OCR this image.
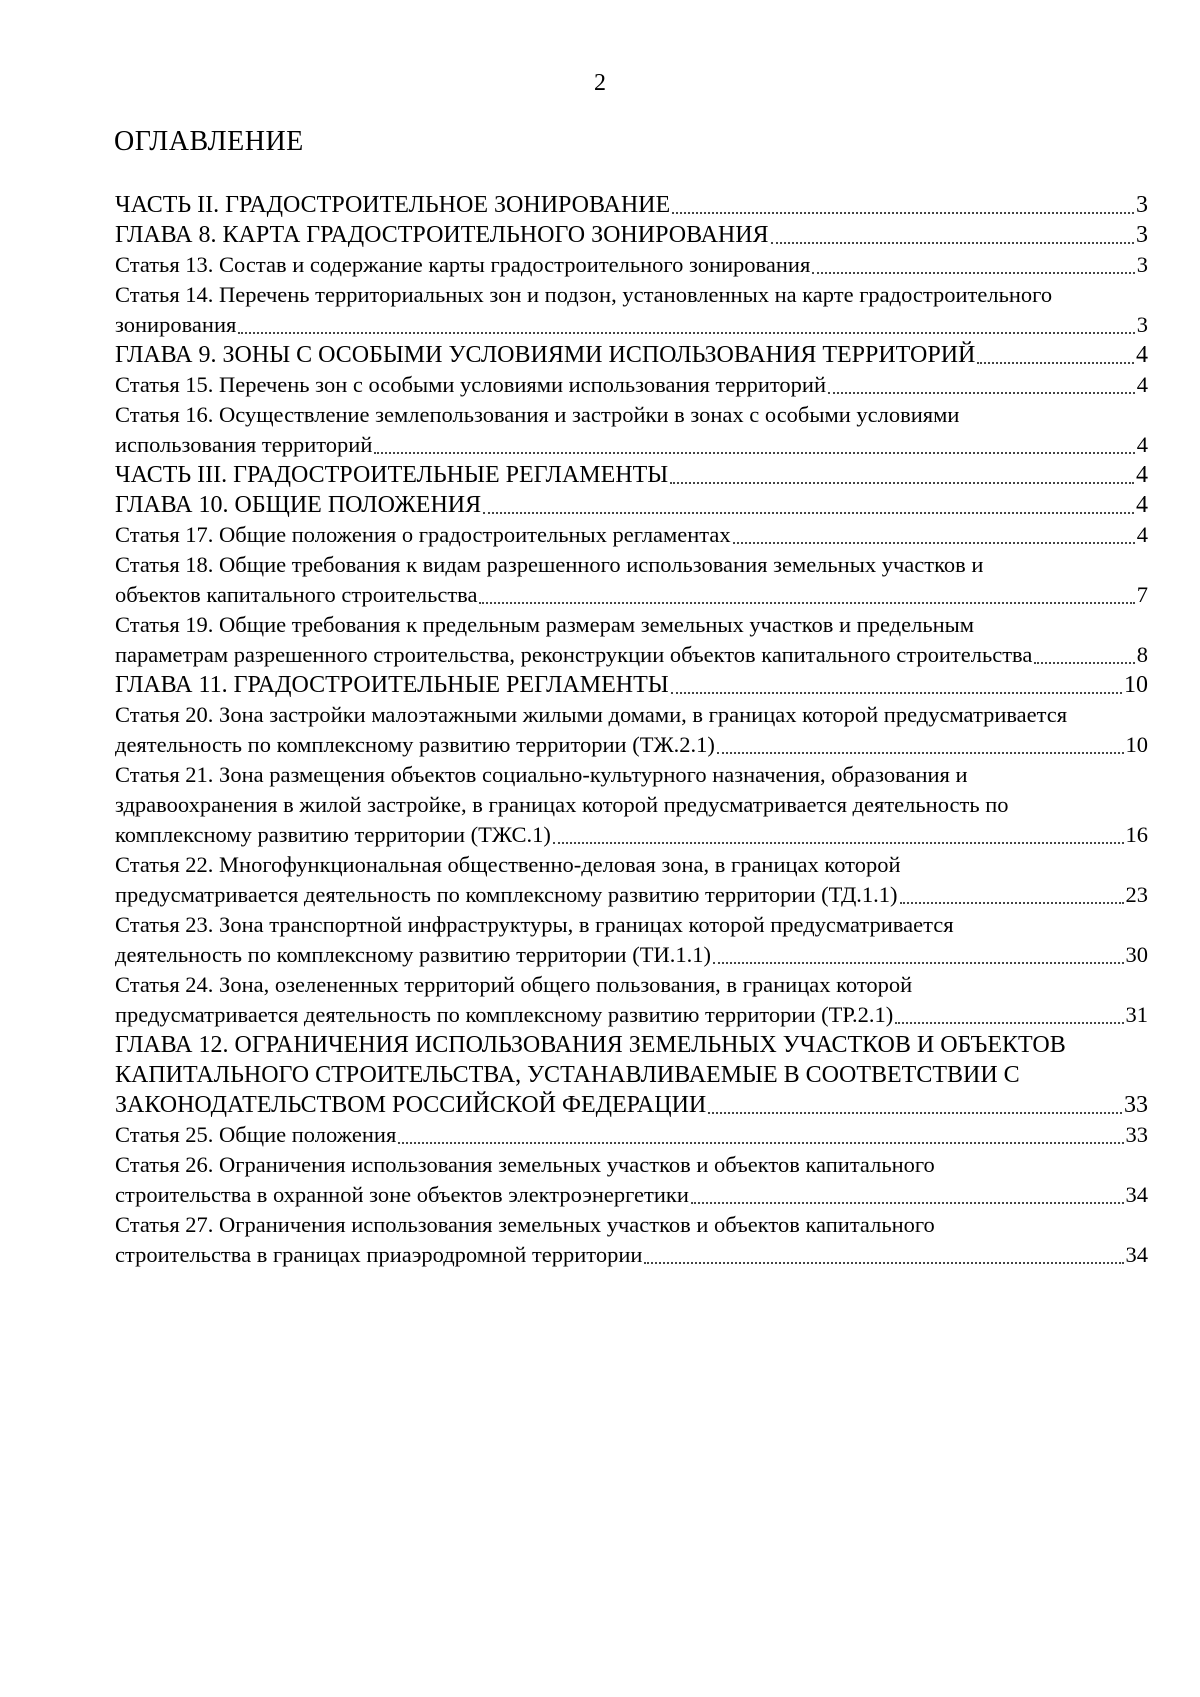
2
ОГЛАВЛЕНИЕ
ЧАСТЬ II. ГРАДОСТРОИТЕЛЬНОЕ ЗОНИРОВАНИЕ	3
ГЛАВА 8. КАРТА ГРАДОСТРОИТЕЛЬНОГО ЗОНИРОВАНИЯ	3
Статья 13. Состав и содержание карты градостроительного зонирования	3
Статья 14. Перечень территориальных зон и подзон, установленных на карте градостроительного
зонирования	3
ГЛАВА 9. ЗОНЫ С ОСОБЫМИ УСЛОВИЯМИ ИСПОЛЬЗОВАНИЯ ТЕРРИТОРИЙ	4
Статья 15. Перечень зон с особыми условиями использования территорий	4
Статья 16. Осуществление землепользования и застройки в зонах с особыми условиями
использования территорий	4
ЧАСТЬ III. ГРАДОСТРОИТЕЛЬНЫЕ РЕГЛАМЕНТЫ	4
ГЛАВА 10. ОБЩИЕ ПОЛОЖЕНИЯ	4
Статья 17. Общие положения о градостроительных регламентах	4
Статья 18. Общие требования к видам разрешенного использования земельных участков и
объектов капитального строительства	7
Статья 19. Общие требования к предельным размерам земельных участков и предельным
параметрам разрешенного строительства, реконструкции объектов капитального строительства	8
ГЛАВА 11. ГРАДОСТРОИТЕЛЬНЫЕ РЕГЛАМЕНТЫ	10
Статья 20. Зона застройки малоэтажными жилыми домами, в границах которой предусматривается
деятельность по комплексному развитию территории (ТЖ.2.1)	10
Статья 21. Зона размещения объектов социально-культурного назначения, образования и
здравоохранения в жилой застройке, в границах которой предусматривается деятельность по
комплексному развитию территории (ТЖС.1)	16
Статья 22. Многофункциональная общественно-деловая зона, в границах которой
предусматривается деятельность по комплексному развитию территории (ТД.1.1)	23
Статья 23. Зона транспортной инфраструктуры, в границах которой предусматривается
деятельность по комплексному развитию территории (ТИ.1.1)	30
Статья 24. Зона, озелененных территорий общего пользования, в границах которой
предусматривается деятельность по комплексному развитию территории (ТР.2.1)	31
ГЛАВА 12. ОГРАНИЧЕНИЯ ИСПОЛЬЗОВАНИЯ ЗЕМЕЛЬНЫХ УЧАСТКОВ И ОБЪЕКТОВ
КАПИТАЛЬНОГО СТРОИТЕЛЬСТВА, УСТАНАВЛИВАЕМЫЕ В СООТВЕТСТВИИ С
ЗАКОНОДАТЕЛЬСТВОМ РОССИЙСКОЙ ФЕДЕРАЦИИ	33
Статья 25. Общие положения	33
Статья 26. Ограничения использования земельных участков и объектов капитального
строительства в охранной зоне объектов электроэнергетики	34
Статья 27. Ограничения использования земельных участков и объектов капитального
строительства в границах приаэродромной территории	34
